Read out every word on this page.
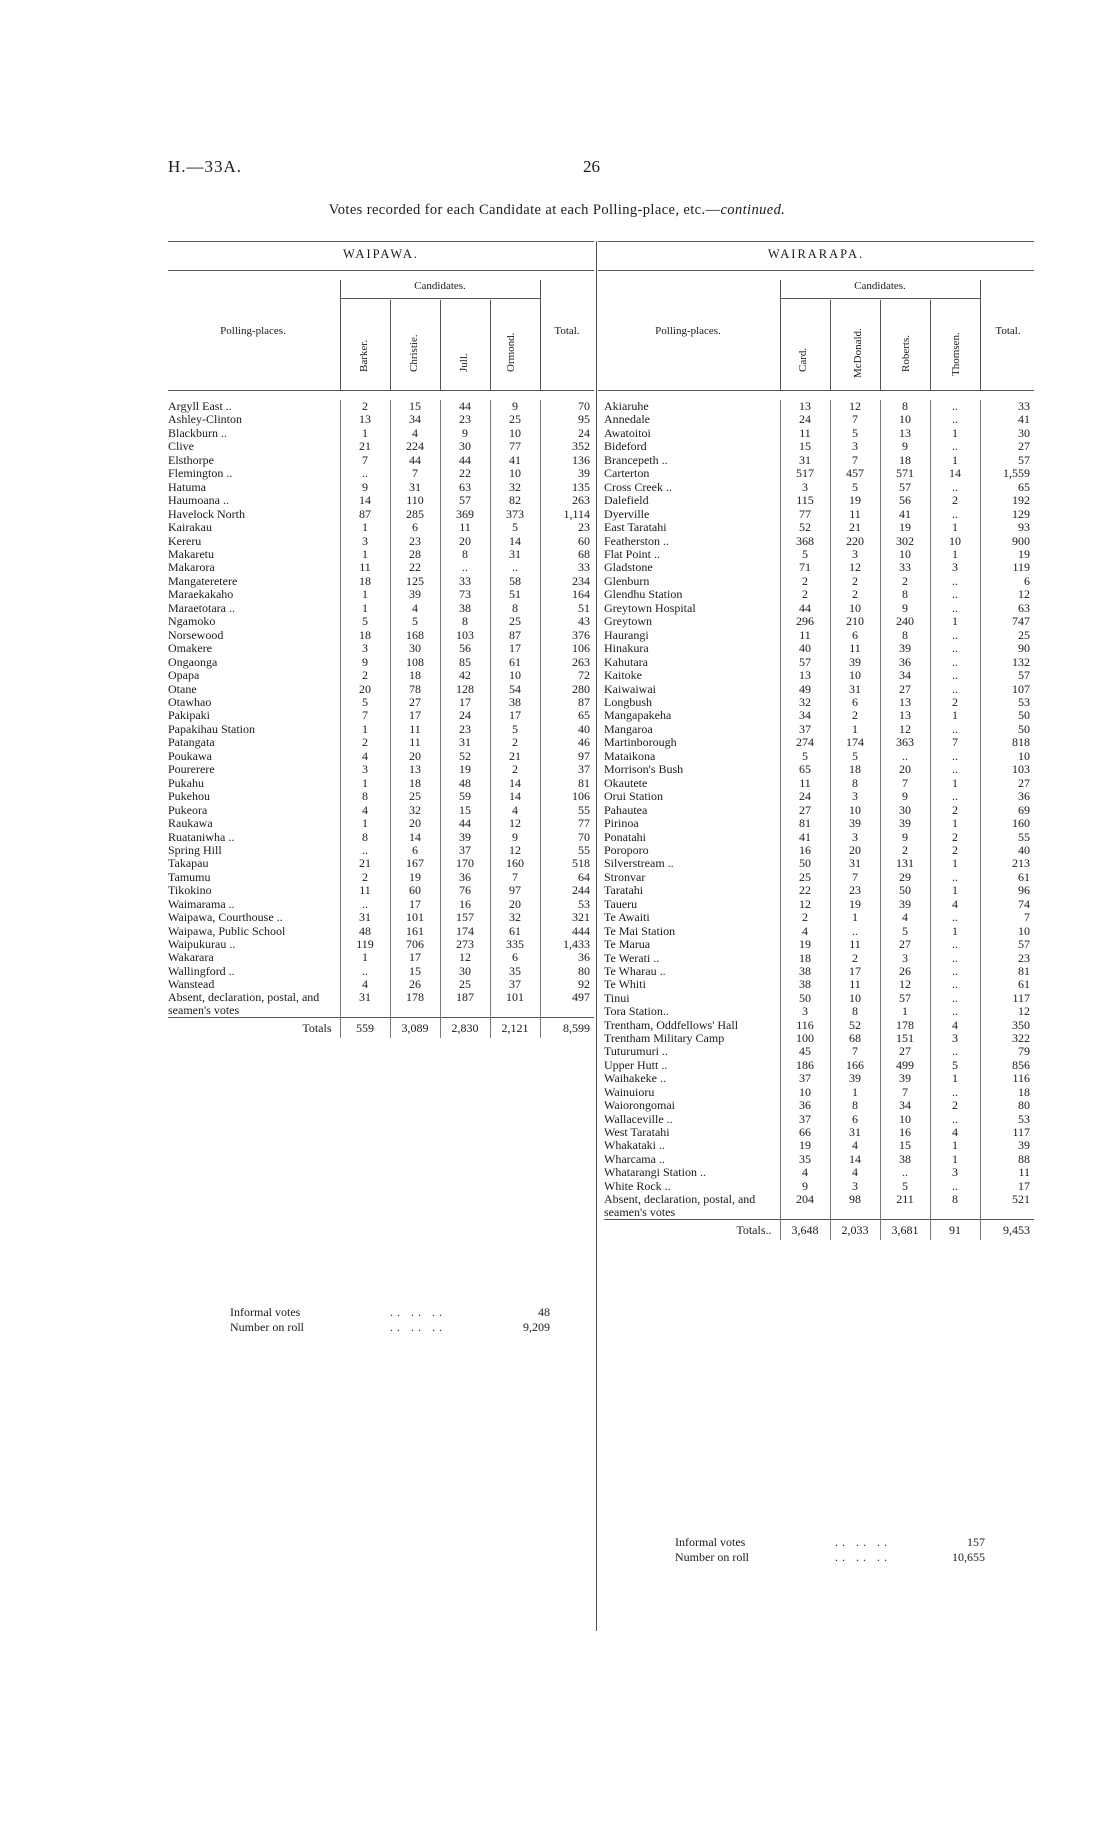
H.—33A.	26
Votes recorded for each Candidate at each Polling-place, etc.—continued.
WAIPAWA.
Candidates.
Polling-places.	Total.
Barker.	Christie.	Jull.	Ormond.
WAIRARAPA.
Candidates.
Polling-places.	Total.
Card.	McDonald.	Roberts.	Thomsen.
Argyll East ..	2	15	44	9	70
Ashley-Clinton	13	34	23	25	95
Blackburn ..	1	4	9	10	24
Clive	21	224	30	77	352
Elsthorpe	7	44	44	41	136
Flemington ..	..	7	22	10	39
Hatuma	9	31	63	32	135
Haumoana ..	14	110	57	82	263
Havelock North	87	285	369	373	1,114
Kairakau	1	6	11	5	23
Kereru	3	23	20	14	60
Makaretu	1	28	8	31	68
Makarora	11	22	..	..	33
Mangateretere	18	125	33	58	234
Maraekakaho	1	39	73	51	164
Maraetotara ..	1	4	38	8	51
Ngamoko	5	5	8	25	43
Norsewood	18	168	103	87	376
Omakere	3	30	56	17	106
Ongaonga	9	108	85	61	263
Opapa	2	18	42	10	72
Otane	20	78	128	54	280
Otawhao	5	27	17	38	87
Pakipaki	7	17	24	17	65
Papakihau Station	1	11	23	5	40
Patangata	2	11	31	2	46
Poukawa	4	20	52	21	97
Pourerere	3	13	19	2	37
Pukahu	1	18	48	14	81
Pukehou	8	25	59	14	106
Pukeora	4	32	15	4	55
Raukawa	1	20	44	12	77
Ruataniwha ..	8	14	39	9	70
Spring Hill	..	6	37	12	55
Takapau	21	167	170	160	518
Tamumu	2	19	36	7	64
Tikokino	11	60	76	97	244
Waimarama ..	..	17	16	20	53
Waipawa, Courthouse ..	31	101	157	32	321
Waipawa, Public School	48	161	174	61	444
Waipukurau ..	119	706	273	335	1,433
Wakarara	1	17	12	6	36
Wallingford ..	..	15	30	35	80
Wanstead	4	26	25	37	92
Absent, declaration, postal, and seamen's votes	31	178	187	101	497
Totals	559	3,089	2,830	2,121	8,599
Akiaruhe	13	12	8	..	33
Annedale	24	7	10	..	41
Awatoitoi	11	5	13	1	30
Bideford	15	3	9	..	27
Brancepeth ..	31	7	18	1	57
Carterton	517	457	571	14	1,559
Cross Creek ..	3	5	57	..	65
Dalefield	115	19	56	2	192
Dyerville	77	11	41	..	129
East Taratahi	52	21	19	1	93
Featherston ..	368	220	302	10	900
Flat Point ..	5	3	10	1	19
Gladstone	71	12	33	3	119
Glenburn	2	2	2	..	6
Glendhu Station	2	2	8	..	12
Greytown Hospital	44	10	9	..	63
Greytown	296	210	240	1	747
Haurangi	11	6	8	..	25
Hinakura	40	11	39	..	90
Kahutara	57	39	36	..	132
Kaitoke	13	10	34	..	57
Kaiwaiwai	49	31	27	..	107
Longbush	32	6	13	2	53
Mangapakeha	34	2	13	1	50
Mangaroa	37	1	12	..	50
Martinborough	274	174	363	7	818
Mataikona	5	5	..	..	10
Morrison's Bush	65	18	20	..	103
Okautete	11	8	7	1	27
Orui Station	24	3	9	..	36
Pahautea	27	10	30	2	69
Pirinoa	81	39	39	1	160
Ponatahi	41	3	9	2	55
Poroporo	16	20	2	2	40
Silverstream ..	50	31	131	1	213
Stronvar	25	7	29	..	61
Taratahi	22	23	50	1	96
Taueru	12	19	39	4	74
Te Awaiti	2	1	4	..	7
Te Mai Station	4	..	5	1	10
Te Marua	19	11	27	..	57
Te Werati ..	18	2	3	..	23
Te Wharau ..	38	17	26	..	81
Te Whiti	38	11	12	..	61
Tinui	50	10	57	..	117
Tora Station..	3	8	1	..	12
Trentham, Oddfellows' Hall	116	52	178	4	350
Trentham Military Camp	100	68	151	3	322
Tuturumuri ..	45	7	27	..	79
Upper Hutt ..	186	166	499	5	856
Waihakeke ..	37	39	39	1	116
Wainuioru	10	1	7	..	18
Waiorongomai	36	8	34	2	80
Wallaceville ..	37	6	10	..	53
West Taratahi	66	31	16	4	117
Whakataki ..	19	4	15	1	39
Wharcama ..	35	14	38	1	88
Whatarangi Station ..	4	4	..	3	11
White Rock ..	9	3	5	..	17
Absent, declaration, postal, and seamen's votes	204	98	211	8	521
Totals..	3,648	2,033	3,681	91	9,453
Informal votes	.. .. ..	48
Number on roll	.. .. ..	9,209
Informal votes	.. .. ..	157
Number on roll	.. .. ..	10,655
